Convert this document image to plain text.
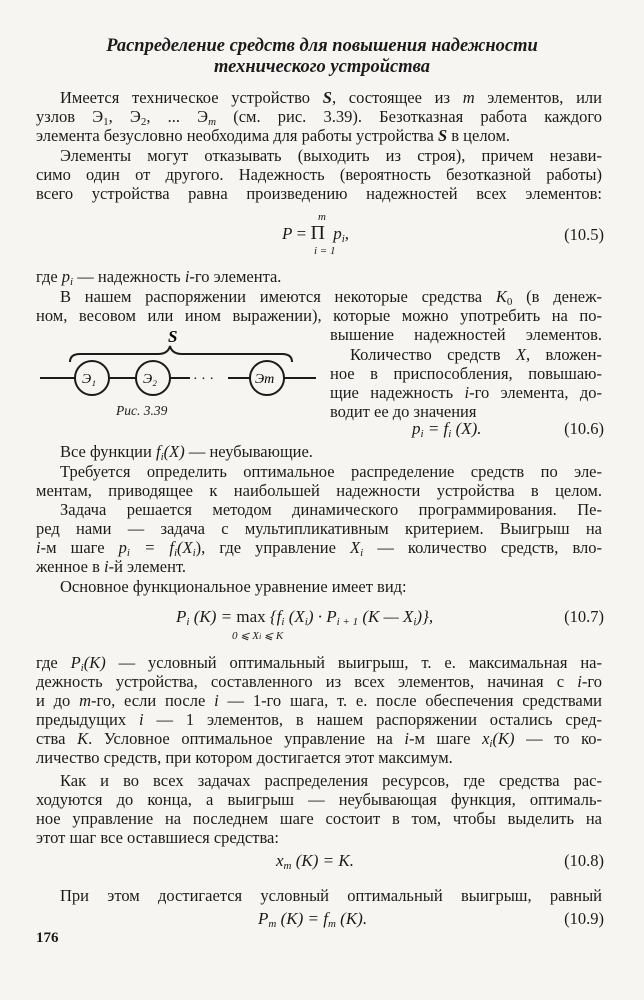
Распределение средств для повышения надежности
технического устройства
Имеется техническое устройство S, состоящее из m элементов, или
узлов $Э_1$, $Э_2$, ... $Э_m$ (см. рис. 3.39). Безотказная работа каждого
элемента безусловно необходима для работы устройства S в целом.
Элементы могут отказывать (выходить из строя), причем незави-
симо один от другого. Надежность (вероятность безотказной работы)
всего устройства равна произведению надежностей всех элементов:
m
P = Π $p_i$,
i = 1
(10.5)
где $p_i$ — надежность i-го элемента.
В нашем распоряжении имеются некоторые средства $K_0$ (в денеж-
ном, весовом или ином выражении), которые можно употребить на по-
вышение надежностей элементов.
S
Э₁	Э₂	· · ·	Эm
Рис. 3.39
Количество средств X, вложен-
ное в приспособления, повышаю-
щие надежность i-го элемента, до-
водит ее до значения
$p_i = f_i$ (X).	(10.6)
Все функции $f_i(X)$ — неубывающие.
Требуется определить оптимальное распределение средств по эле-
ментам, приводящее к наибольшей надежности устройства в целом.
Задача решается методом динамического программирования. Пе-
ред нами — задача с мультипликативным критерием. Выигрыш на
i-м шаге $p_i = f_i(X_i)$, где управление $X_i$ — количество средств, вло-
женное в i-й элемент.
Основное функциональное уравнение имеет вид:
$P_i$ $(K) = \max \{f_i$ $(X_i) \cdot P_{i + 1}$ (K — $X_i$)},
0 ⩽ Xi ⩽ K
(10.7)
где $P_i(K)$ — условный оптимальный выигрыш, т. е. максимальная на-
дежность устройства, составленного из всех элементов, начиная с i-го
и до m-го, если после i — 1-го шага, т. е. после обеспечения средствами
предыдущих i — 1 элементов, в нашем распоряжении остались сред-
ства K. Условное оптимальное управление на i-м шаге $x_i(K)$ — то ко-
личество средств, при котором достигается этот максимум.
Как и во всех задачах распределения ресурсов, где средства рас-
ходуются до конца, а выигрыш — неубывающая функция, оптималь-
ное управление на последнем шаге состоит в том, чтобы выделить на
этот шаг все оставшиеся средства:
$x_m$ (K) = K.	(10.8)
При этом достигается условный оптимальный выигрыш, равный
$P_m$ $(K) = f_m$ (K).	(10.9)
176
